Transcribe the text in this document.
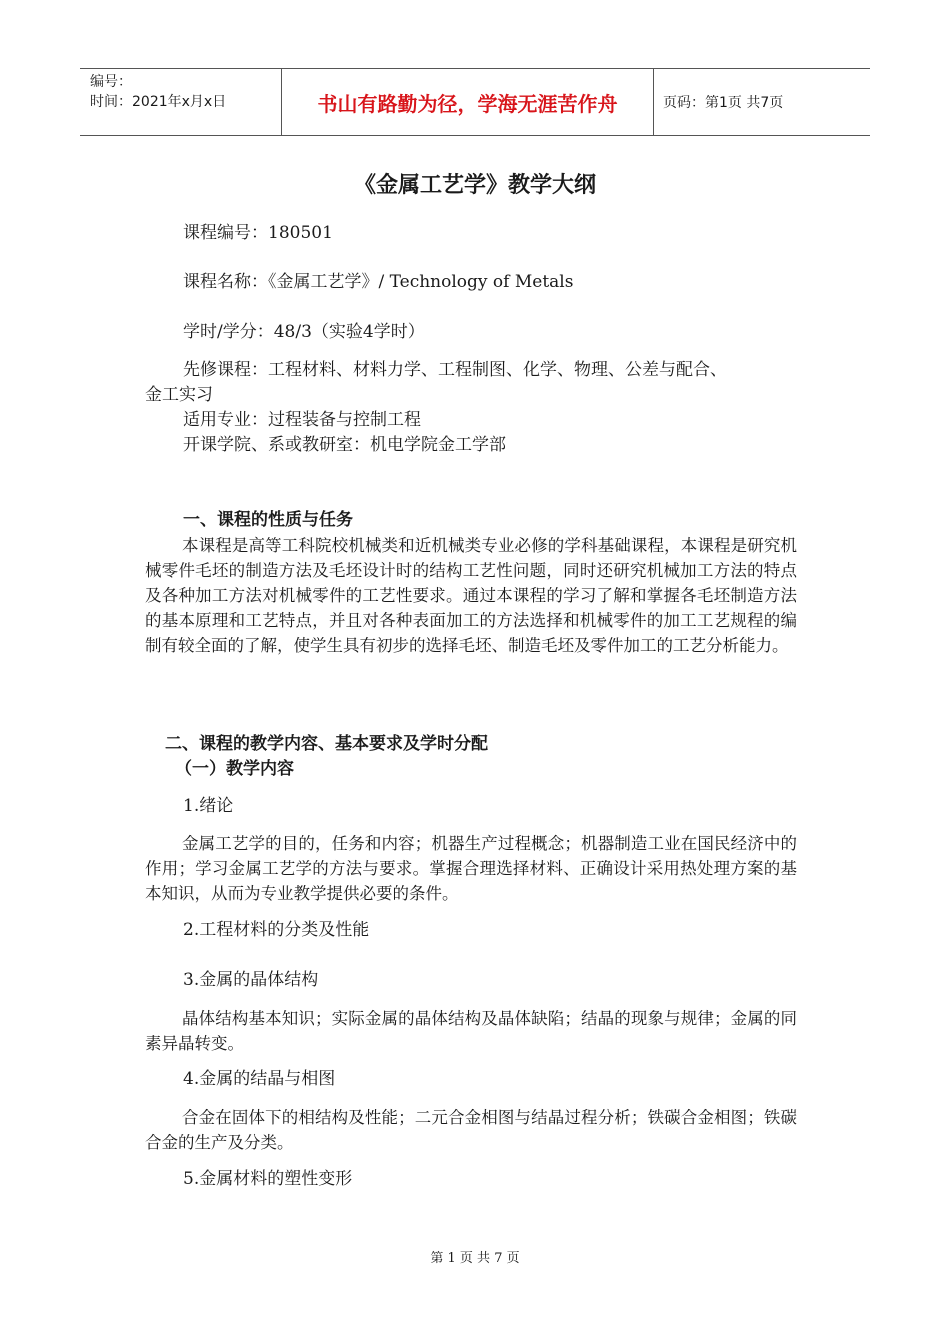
编号：
时间：2021年x月x日	书山有路勤为径，学海无涯苦作舟	页码：第1页 共7页
《金属工艺学》教学大纲
课程编号：180501
课程名称：《金属工艺学》/ Technology of Metals
学时/学分：48/3（实验4学时）
先修课程：工程材料、材料力学、工程制图、化学、物理、公差与配合、
金工实习
适用专业：过程装备与控制工程
开课学院、系或教研室：机电学院金工学部
一、课程的性质与任务

本课程是高等工科院校机械类和近机械类专业必修的学科基础课程，本课程是研究机械零件毛坯的制造方法及毛坯设计时的结构工艺性问题，同时还研究机械加工方法的特点及各种加工方法对机械零件的工艺性要求。通过本课程的学习了解和掌握各毛坯制造方法的基本原理和工艺特点，并且对各种表面加工的方法选择和机械零件的加工工艺规程的编制有较全面的了解，使学生具有初步的选择毛坯、制造毛坯及零件加工的工艺分析能力。

二、课程的教学内容、基本要求及学时分配
（一）教学内容
1.绪论

金属工艺学的目的，任务和内容；机器生产过程概念；机器制造工业在国民经济中的作用；学习金属工艺学的方法与要求。掌握合理选择材料、正确设计采用热处理方案的基本知识，从而为专业教学提供必要的条件。

2.工程材料的分类及性能
3.金属的晶体结构

晶体结构基本知识；实际金属的晶体结构及晶体缺陷；结晶的现象与规律；金属的同素异晶转变。

4.金属的结晶与相图

合金在固体下的相结构及性能；二元合金相图与结晶过程分析；铁碳合金相图；铁碳合金的生产及分类。

5.金属材料的塑性变形
第 1 页 共 7 页
